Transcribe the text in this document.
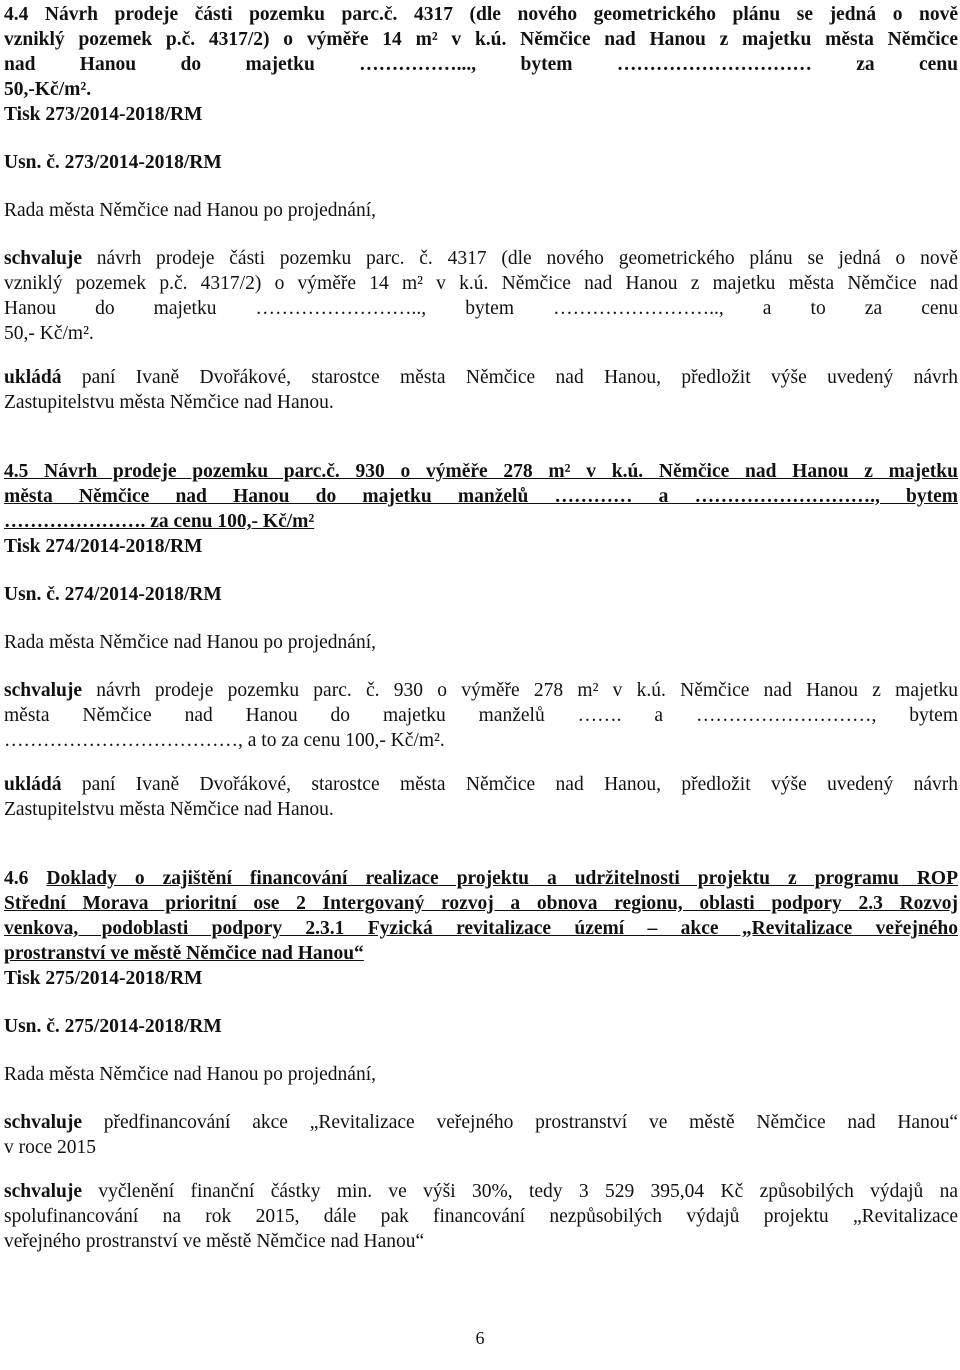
4.4 Návrh prodeje části pozemku parc.č. 4317 (dle nového geometrického plánu se jedná o nově

vzniklý pozemek p.č. 4317/2) o výměře 14 m² v k.ú. Němčice nad Hanou z majetku města Němčice

nad Hanou do majetku ……………..., bytem ………………………… za cenu

50,-Kč/m².

Tisk 273/2014-2018/RM

Usn. č. 273/2014-2018/RM

Rada města Němčice nad Hanou po projednání,

schvaluje návrh prodeje části pozemku parc. č. 4317 (dle nového geometrického plánu se jedná o nově

vzniklý pozemek p.č. 4317/2) o výměře 14 m² v k.ú. Němčice nad Hanou z majetku města Němčice nad

Hanou do majetku …………………….., bytem …………………….., a to za cenu

50,- Kč/m².

ukládá paní Ivaně Dvořákové, starostce města Němčice nad Hanou, předložit výše uvedený návrh

Zastupitelstvu města Němčice nad Hanou.

4.5 Návrh prodeje pozemku parc.č. 930 o výměře 278 m² v k.ú. Němčice nad Hanou z majetku

města Němčice nad Hanou do majetku manželů ………… a ………………………., bytem

…………………. za cenu 100,- Kč/m²

Tisk 274/2014-2018/RM

Usn. č. 274/2014-2018/RM

Rada města Němčice nad Hanou po projednání,

schvaluje návrh prodeje pozemku parc. č. 930 o výměře 278 m² v k.ú. Němčice nad Hanou z majetku

města Němčice nad Hanou do majetku manželů ……. a ………………………, bytem

………………………………, a to za cenu 100,- Kč/m².

ukládá paní Ivaně Dvořákové, starostce města Němčice nad Hanou, předložit výše uvedený návrh

Zastupitelstvu města Němčice nad Hanou.

4.6 Doklady o zajištění financování realizace projektu a udržitelnosti projektu z programu ROP

Střední Morava prioritní ose 2 Intergovaný rozvoj a obnova regionu, oblasti podpory 2.3 Rozvoj

venkova, podoblasti podpory 2.3.1 Fyzická revitalizace území – akce „Revitalizace veřejného

prostranství ve městě Němčice nad Hanou“

Tisk 275/2014-2018/RM

Usn. č. 275/2014-2018/RM

Rada města Němčice nad Hanou po projednání,

schvaluje předfinancování akce „Revitalizace veřejného prostranství ve městě Němčice nad Hanou“

v roce 2015

schvaluje vyčlenění finanční částky min. ve výši 30%, tedy 3 529 395,04 Kč způsobilých výdajů na

spolufinancování na rok 2015, dále pak financování nezpůsobilých výdajů projektu „Revitalizace

veřejného prostranství ve městě Němčice nad Hanou“

6
